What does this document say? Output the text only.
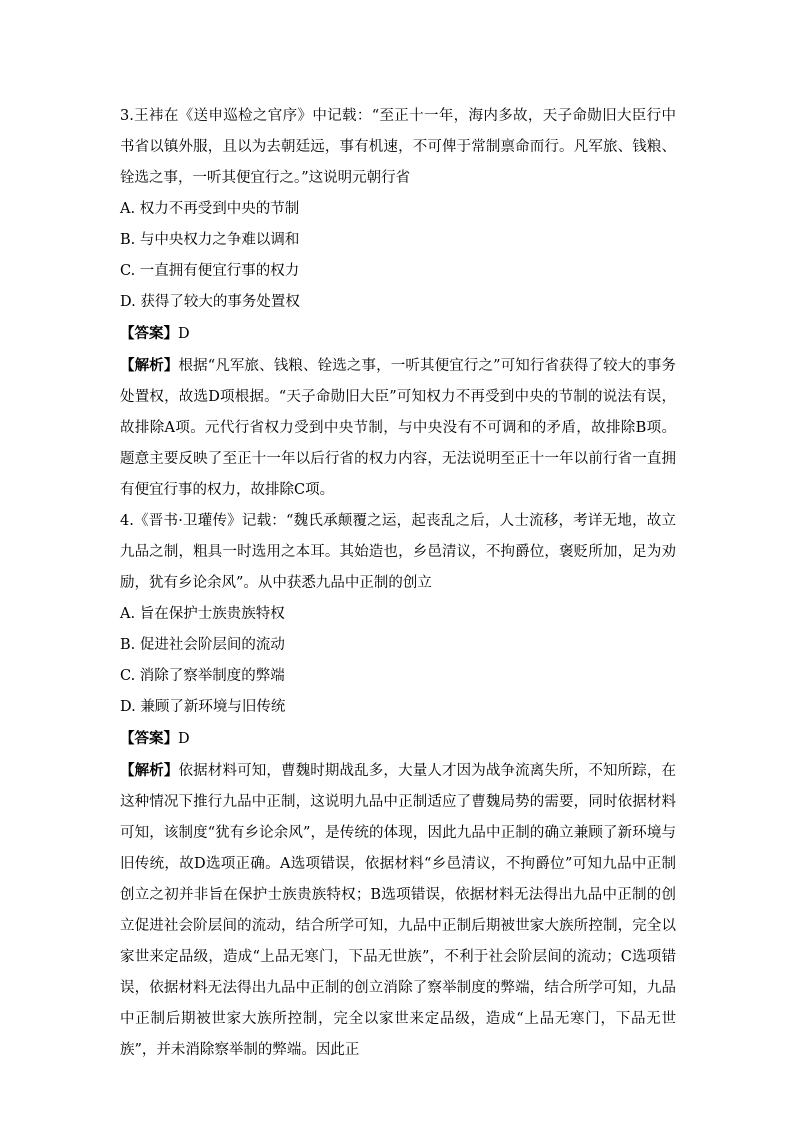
3.王袆在《送申巡检之官序》中记载：“至正十一年，海内多故，天子命勋旧大臣行中书省以镇外服，且以为去朝廷远，事有机速，不可俾于常制禀命而行。凡军旅、钱粮、铨选之事，一听其便宜行之。”这说明元朝行省

A. 权力不再受到中央的节制

B. 与中央权力之争难以调和

C. 一直拥有便宜行事的权力

D. 获得了较大的事务处置权

【答案】D

【解析】根据“凡军旅、钱粮、铨选之事，一听其便宜行之”可知行省获得了较大的事务处置权，故选D项根据。“天子命勋旧大臣”可知权力不再受到中央的节制的说法有误，故排除A项。元代行省权力受到中央节制，与中央没有不可调和的矛盾，故排除B项。题意主要反映了至正十一年以后行省的权力内容，无法说明至正十一年以前行省一直拥有便宜行事的权力，故排除C项。

4.《晋书·卫瓘传》记载：“魏氏承颠覆之运，起丧乱之后，人士流移，考详无地，故立九品之制，粗具一时选用之本耳。其始造也，乡邑清议，不拘爵位，褒贬所加，足为劝励，犹有乡论余风”。从中获悉九品中正制的创立

A. 旨在保护士族贵族特权

B. 促进社会阶层间的流动

C. 消除了察举制度的弊端

D. 兼顾了新环境与旧传统

【答案】D

【解析】依据材料可知，曹魏时期战乱多，大量人才因为战争流离失所，不知所踪，在这种情况下推行九品中正制，这说明九品中正制适应了曹魏局势的需要，同时依据材料可知，该制度“犹有乡论余风”，是传统的体现，因此九品中正制的确立兼顾了新环境与旧传统，故D选项正确。A选项错误，依据材料“乡邑清议，不拘爵位”可知九品中正制创立之初并非旨在保护士族贵族特权；B选项错误，依据材料无法得出九品中正制的创立促进社会阶层间的流动，结合所学可知，九品中正制后期被世家大族所控制，完全以家世来定品级，造成“上品无寒门，下品无世族”，不利于社会阶层间的流动；C选项错误，依据材料无法得出九品中正制的创立消除了察举制度的弊端，结合所学可知，九品中正制后期被世家大族所控制，完全以家世来定品级，造成“上品无寒门，下品无世族”，并未消除察举制的弊端。因此正
